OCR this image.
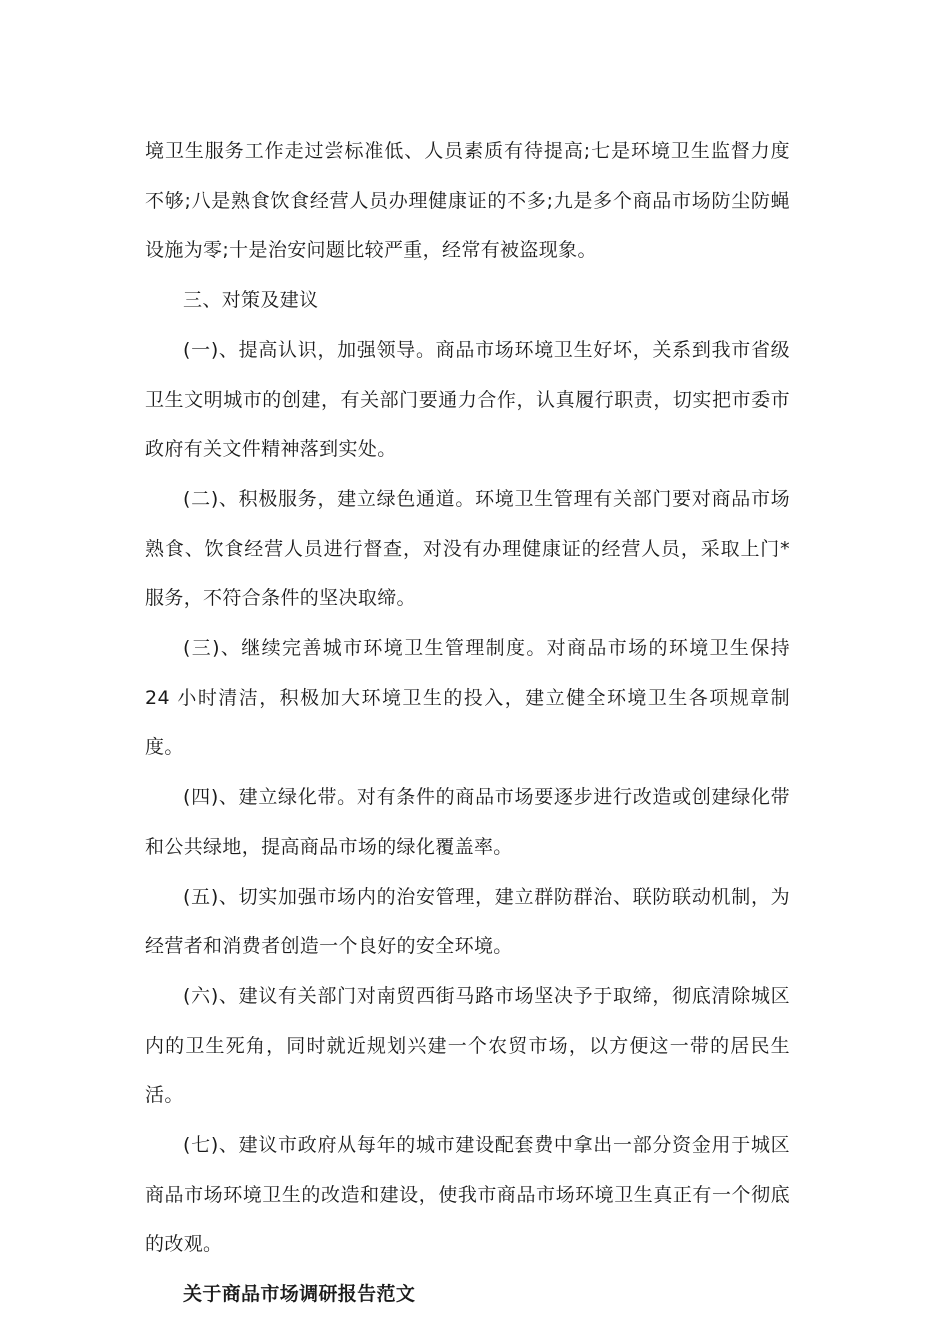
境卫生服务工作走过尝标准低、人员素质有待提高;七是环境卫生监督力度不够;八是熟食饮食经营人员办理健康证的不多;九是多个商品市场防尘防蝇设施为零;十是治安问题比较严重，经常有被盗现象。

三、对策及建议

(一)、提高认识，加强领导。商品市场环境卫生好坏，关系到我市省级卫生文明城市的创建，有关部门要通力合作，认真履行职责，切实把市委市政府有关文件精神落到实处。

(二)、积极服务，建立绿色通道。环境卫生管理有关部门要对商品市场熟食、饮食经营人员进行督查，对没有办理健康证的经营人员，采取上门*服务，不符合条件的坚决取缔。

(三)、继续完善城市环境卫生管理制度。对商品市场的环境卫生保持 24 小时清洁，积极加大环境卫生的投入，建立健全环境卫生各项规章制度。

(四)、建立绿化带。对有条件的商品市场要逐步进行改造或创建绿化带和公共绿地，提高商品市场的绿化覆盖率。

(五)、切实加强市场内的治安管理，建立群防群治、联防联动机制，为经营者和消费者创造一个良好的安全环境。

(六)、建议有关部门对南贸西街马路市场坚决予于取缔，彻底清除城区内的卫生死角，同时就近规划兴建一个农贸市场，以方便这一带的居民生活。

(七)、建议市政府从每年的城市建设配套费中拿出一部分资金用于城区商品市场环境卫生的改造和建设，使我市商品市场环境卫生真正有一个彻底的改观。

关于商品市场调研报告范文
